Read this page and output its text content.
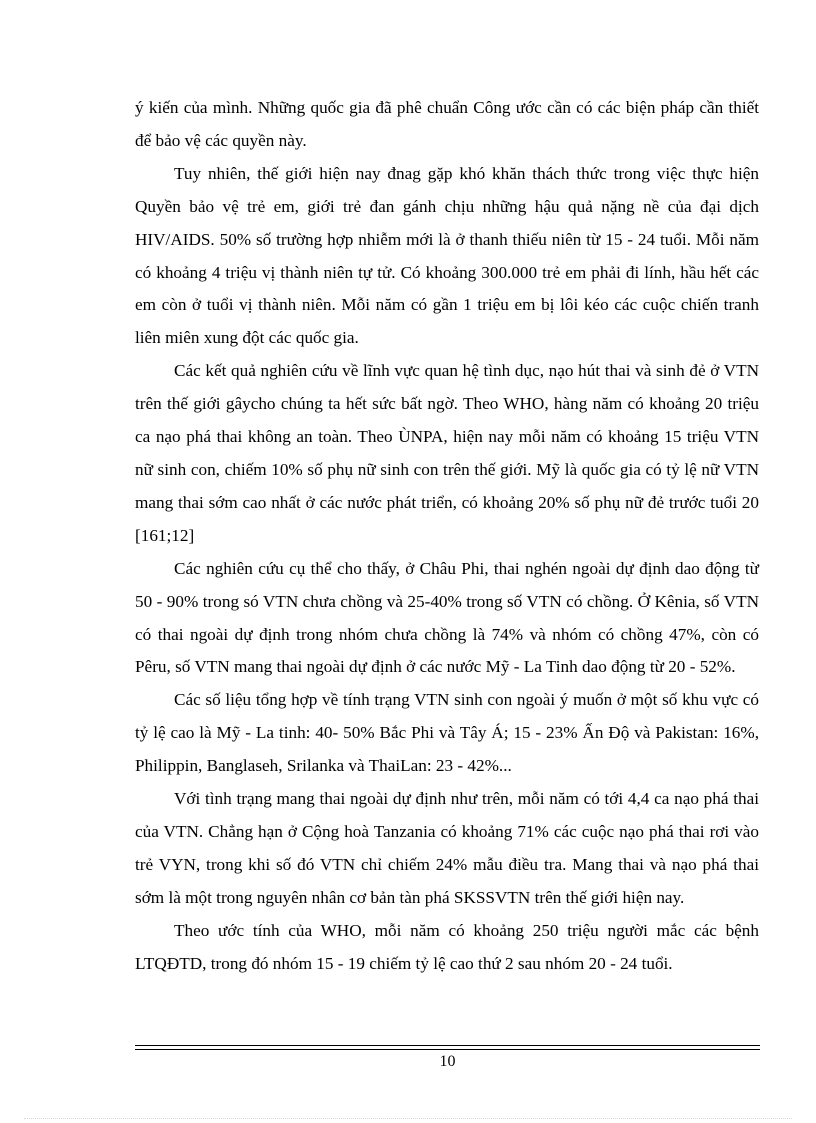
ý kiến của mình. Những quốc gia đã phê chuẩn Công ước cần có các biện pháp cần thiết để bảo vệ các quyền này.

Tuy nhiên, thế giới hiện nay đnag gặp khó khăn thách thức trong việc thực hiện Quyền bảo vệ trẻ em, giới trẻ đan gánh chịu những hậu quả nặng nề của đại dịch HIV/AIDS. 50% số trường hợp nhiễm mới là ở thanh thiếu niên từ 15 - 24 tuổi. Mỗi năm có khoảng 4 triệu vị thành niên tự tử. Có khoảng 300.000 trẻ em phải đi lính, hầu hết các em còn ở tuổi vị thành niên. Mỗi năm có gần 1 triệu em bị lôi kéo các cuộc chiến tranh liên miên xung đột các quốc gia.

Các kết quả nghiên cứu về lĩnh vực quan hệ tình dục, nạo hút thai và sinh đẻ ở VTN trên thế giới gâycho chúng ta hết sức bất ngờ. Theo WHO, hàng năm có khoảng 20 triệu ca nạo phá thai không an toàn. Theo ÙNPA, hiện nay mỗi năm có khoảng 15 triệu VTN nữ sinh con, chiếm 10% số phụ nữ sinh con trên thế giới. Mỹ là quốc gia có tỷ lệ nữ VTN mang thai sớm cao nhất ở các nước phát triển, có khoảng 20% số phụ nữ đẻ trước tuổi 20 [161;12]

Các nghiên cứu cụ thể cho thấy, ở Châu Phi, thai nghén ngoài dự định dao động từ 50 - 90% trong só VTN chưa chồng và 25-40% trong số VTN có chồng. Ở Kênia, số VTN có thai ngoài dự định trong nhóm chưa chồng là 74% và nhóm có chồng 47%, còn có Pêru, số VTN mang thai ngoài dự định ở các nước Mỹ - La Tinh dao động từ 20 - 52%.

Các số liệu tổng hợp về tính trạng VTN sinh con ngoài ý muốn ở một số khu vực có tỷ lệ cao là Mỹ - La tinh: 40- 50% Bắc Phi và Tây Á; 15 - 23% Ấn Độ và Pakistan: 16%, Philippin, Banglaseh, Srilanka và ThaiLan: 23 - 42%...

Với tình trạng mang thai ngoài dự định như trên, mỗi năm có tới 4,4 ca nạo phá thai của VTN. Chẳng hạn ở Cộng hoà Tanzania có khoảng 71% các cuộc nạo phá thai rơi vào trẻ VYN, trong khi số đó VTN chỉ chiếm 24% mẫu điều tra. Mang thai và nạo phá thai sớm là một trong nguyên nhân cơ bản tàn phá SKSSVTN trên thế giới hiện nay.

Theo ước tính của WHO, mỗi năm có khoảng 250 triệu người mắc các bệnh LTQĐTD, trong đó nhóm 15 - 19 chiếm tỷ lệ cao thứ 2 sau nhóm 20 - 24 tuổi.

10
